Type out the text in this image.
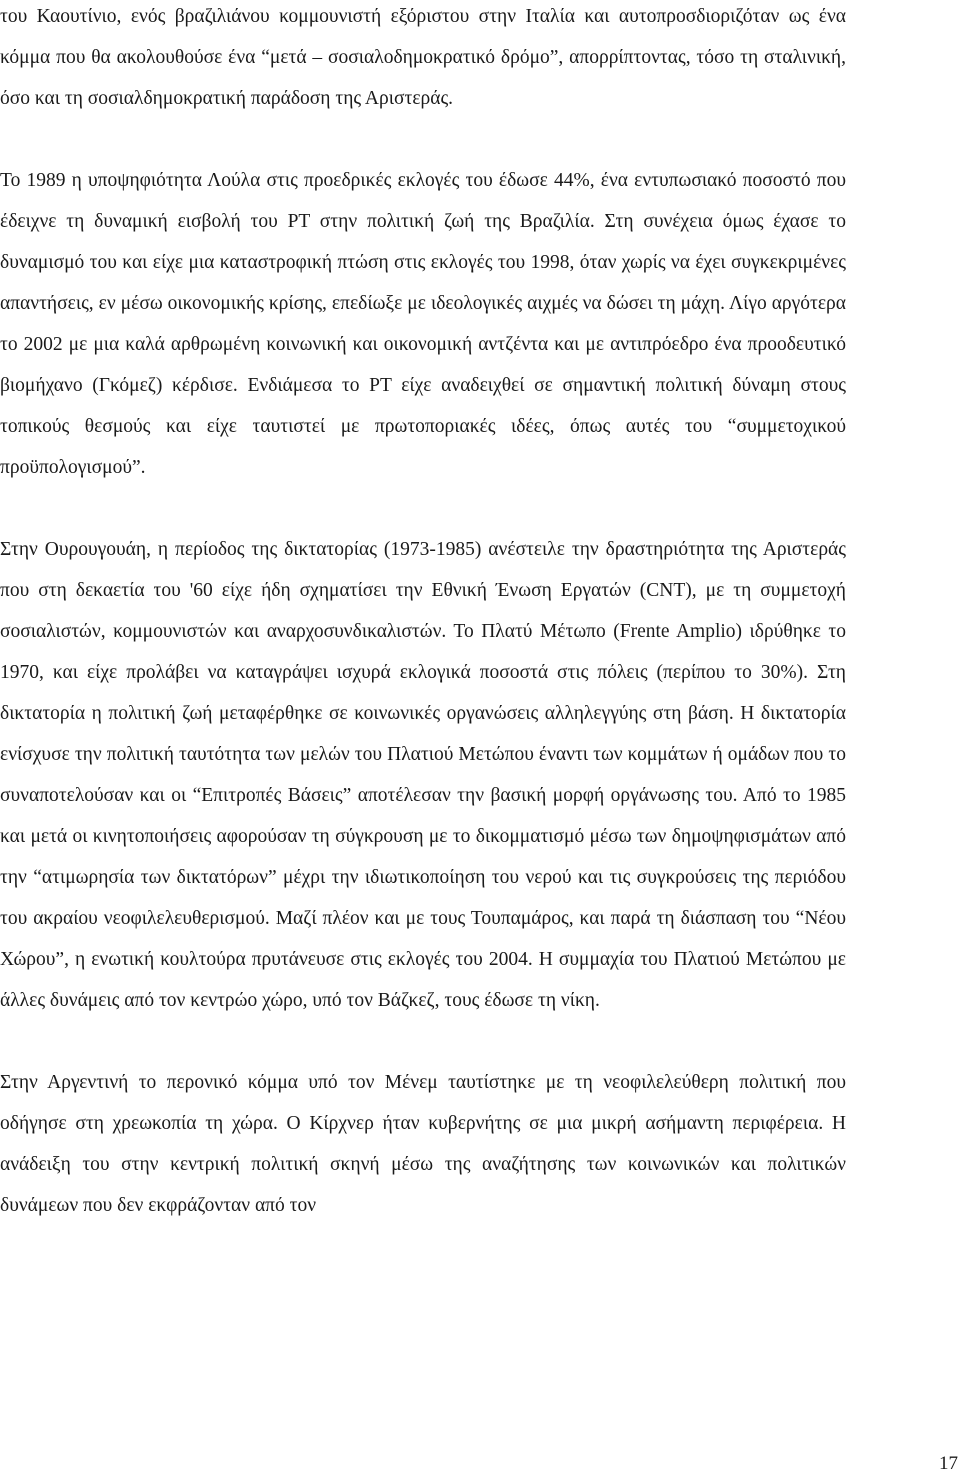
του Καουτίνιο, ενός βραζιλιάνου κομμουνιστή εξόριστου στην Ιταλία και αυτοπροσδιοριζόταν ως ένα κόμμα που θα ακολουθούσε ένα “μετά – σοσιαλοδημοκρατικό δρόμο”, απορρίπτοντας, τόσο τη σταλινική, όσο και τη σοσιαλδημοκρατική παράδοση της Αριστεράς.

Το 1989 η υποψηφιότητα Λούλα στις προεδρικές εκλογές του έδωσε 44%, ένα εντυπωσιακό ποσοστό που έδειχνε τη δυναμική εισβολή του PT στην πολιτική ζωή της Βραζιλία. Στη συνέχεια όμως έχασε το δυναμισμό του και είχε μια καταστροφική πτώση στις εκλογές του 1998, όταν χωρίς να έχει συγκεκριμένες απαντήσεις, εν μέσω οικονομικής κρίσης, επεδίωξε με ιδεολογικές αιχμές να δώσει τη μάχη. Λίγο αργότερα το 2002 με μια καλά αρθρωμένη κοινωνική και οικονομική αντζέντα και με αντιπρόεδρο ένα προοδευτικό βιομήχανο (Γκόμεζ) κέρδισε. Ενδιάμεσα το PT είχε αναδειχθεί σε σημαντική πολιτική δύναμη στους τοπικούς θεσμούς και είχε ταυτιστεί με πρωτοποριακές ιδέες, όπως αυτές του “συμμετοχικού προϋπολογισμού”.

Στην Ουρουγουάη, η περίοδος της δικτατορίας (1973-1985) ανέστειλε την δραστηριότητα της Αριστεράς που στη δεκαετία του '60 είχε ήδη σχηματίσει την Εθνική Ένωση Εργατών (CNT), με τη συμμετοχή σοσιαλιστών, κομμουνιστών και αναρχοσυνδικαλιστών. Το Πλατύ Μέτωπο (Frente Amplio) ιδρύθηκε το 1970, και είχε προλάβει να καταγράψει ισχυρά εκλογικά ποσοστά στις πόλεις (περίπου το 30%). Στη δικτατορία η πολιτική ζωή μεταφέρθηκε σε κοινωνικές οργανώσεις αλληλεγγύης στη βάση. Η δικτατορία ενίσχυσε την πολιτική ταυτότητα των μελών του Πλατιού Μετώπου έναντι των κομμάτων ή ομάδων που το συναποτελούσαν και οι “Επιτροπές Βάσεις” αποτέλεσαν την βασική μορφή οργάνωσης του. Από το 1985 και μετά οι κινητοποιήσεις αφορούσαν τη σύγκρουση με το δικομματισμό μέσω των δημοψηφισμάτων από την “ατιμωρησία των δικτατόρων” μέχρι την ιδιωτικοποίηση του νερού και τις συγκρούσεις της περιόδου του ακραίου νεοφιλελευθερισμού. Μαζί πλέον και με τους Τουπαμάρος, και παρά τη διάσπαση του “Νέου Χώρου”, η ενωτική κουλτούρα πρυτάνευσε στις εκλογές του 2004. Η συμμαχία του Πλατιού Μετώπου με άλλες δυνάμεις από τον κεντρώο χώρο, υπό τον Βάζκεζ, τους έδωσε τη νίκη.

Στην Αργεντινή το περονικό κόμμα υπό τον Μένεμ ταυτίστηκε με τη νεοφιλελεύθερη πολιτική που οδήγησε στη χρεωκοπία τη χώρα. Ο Κίρχνερ ήταν κυβερνήτης σε μια μικρή ασήμαντη περιφέρεια. Η ανάδειξη του στην κεντρική πολιτική σκηνή μέσω της αναζήτησης των κοινωνικών και πολιτικών δυνάμεων που δεν εκφράζονταν από τον

17
